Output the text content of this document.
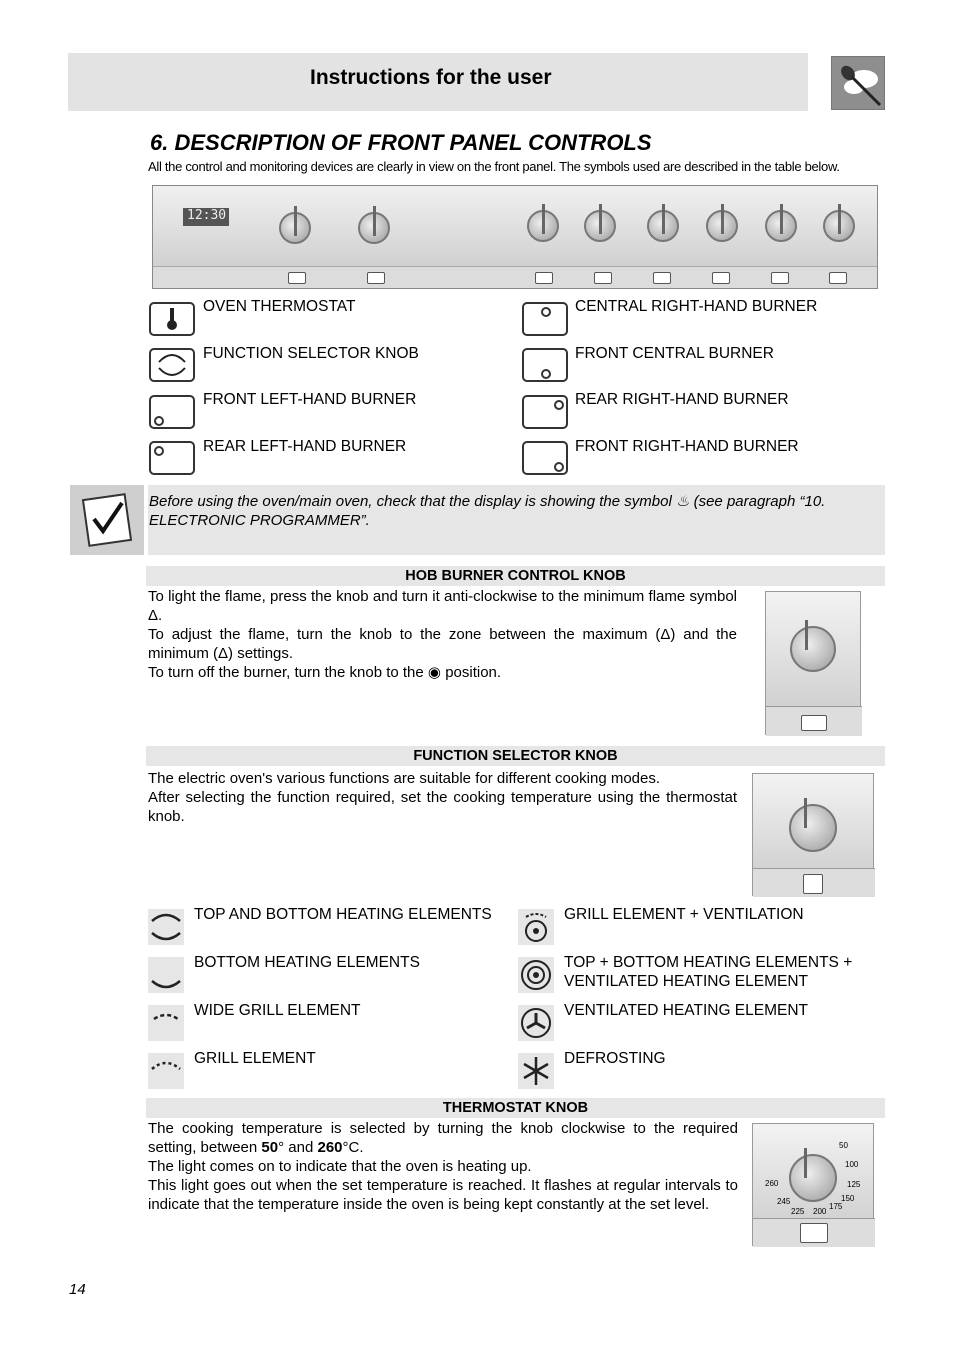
Instructions for the user
6. DESCRIPTION OF FRONT PANEL CONTROLS
All the control and monitoring devices are clearly in view on the front panel. The symbols used are described in the table below.
12:30
OVEN THERMOSTAT
FUNCTION SELECTOR KNOB
FRONT LEFT-HAND BURNER
REAR LEFT-HAND BURNER
CENTRAL RIGHT-HAND BURNER
FRONT CENTRAL BURNER
REAR RIGHT-HAND BURNER
FRONT RIGHT-HAND BURNER
Before using the oven/main oven, check that the display is showing the symbol ♨ (see paragraph “10. ELECTRONIC PROGRAMMER”.
HOB BURNER CONTROL KNOB
To light the flame, press the knob and turn it anti-clockwise to the minimum flame symbol Δ.
To adjust the flame, turn the knob to the zone between the maximum (Δ) and the minimum (Δ) settings.
To turn off the burner, turn the knob to the ◉ position.
FUNCTION SELECTOR KNOB
The electric oven's various functions are suitable for different cooking modes.
After selecting the function required, set the cooking temperature using the thermostat knob.
TOP AND BOTTOM HEATING ELEMENTS
BOTTOM HEATING ELEMENTS
WIDE GRILL ELEMENT
GRILL ELEMENT
GRILL ELEMENT + VENTILATION
TOP + BOTTOM HEATING ELEMENTS + VENTILATED HEATING ELEMENT
VENTILATED HEATING ELEMENT
DEFROSTING
THERMOSTAT KNOB
The cooking temperature is selected by turning the knob clockwise to the required setting, between 50° and 260°C.
The light comes on to indicate that the oven is heating up.
This light goes out when the set temperature is reached. It flashes at regular intervals to indicate that the temperature inside the oven is being kept constantly at the set level.
50
100
125
150
175
200
225
245
260
14
